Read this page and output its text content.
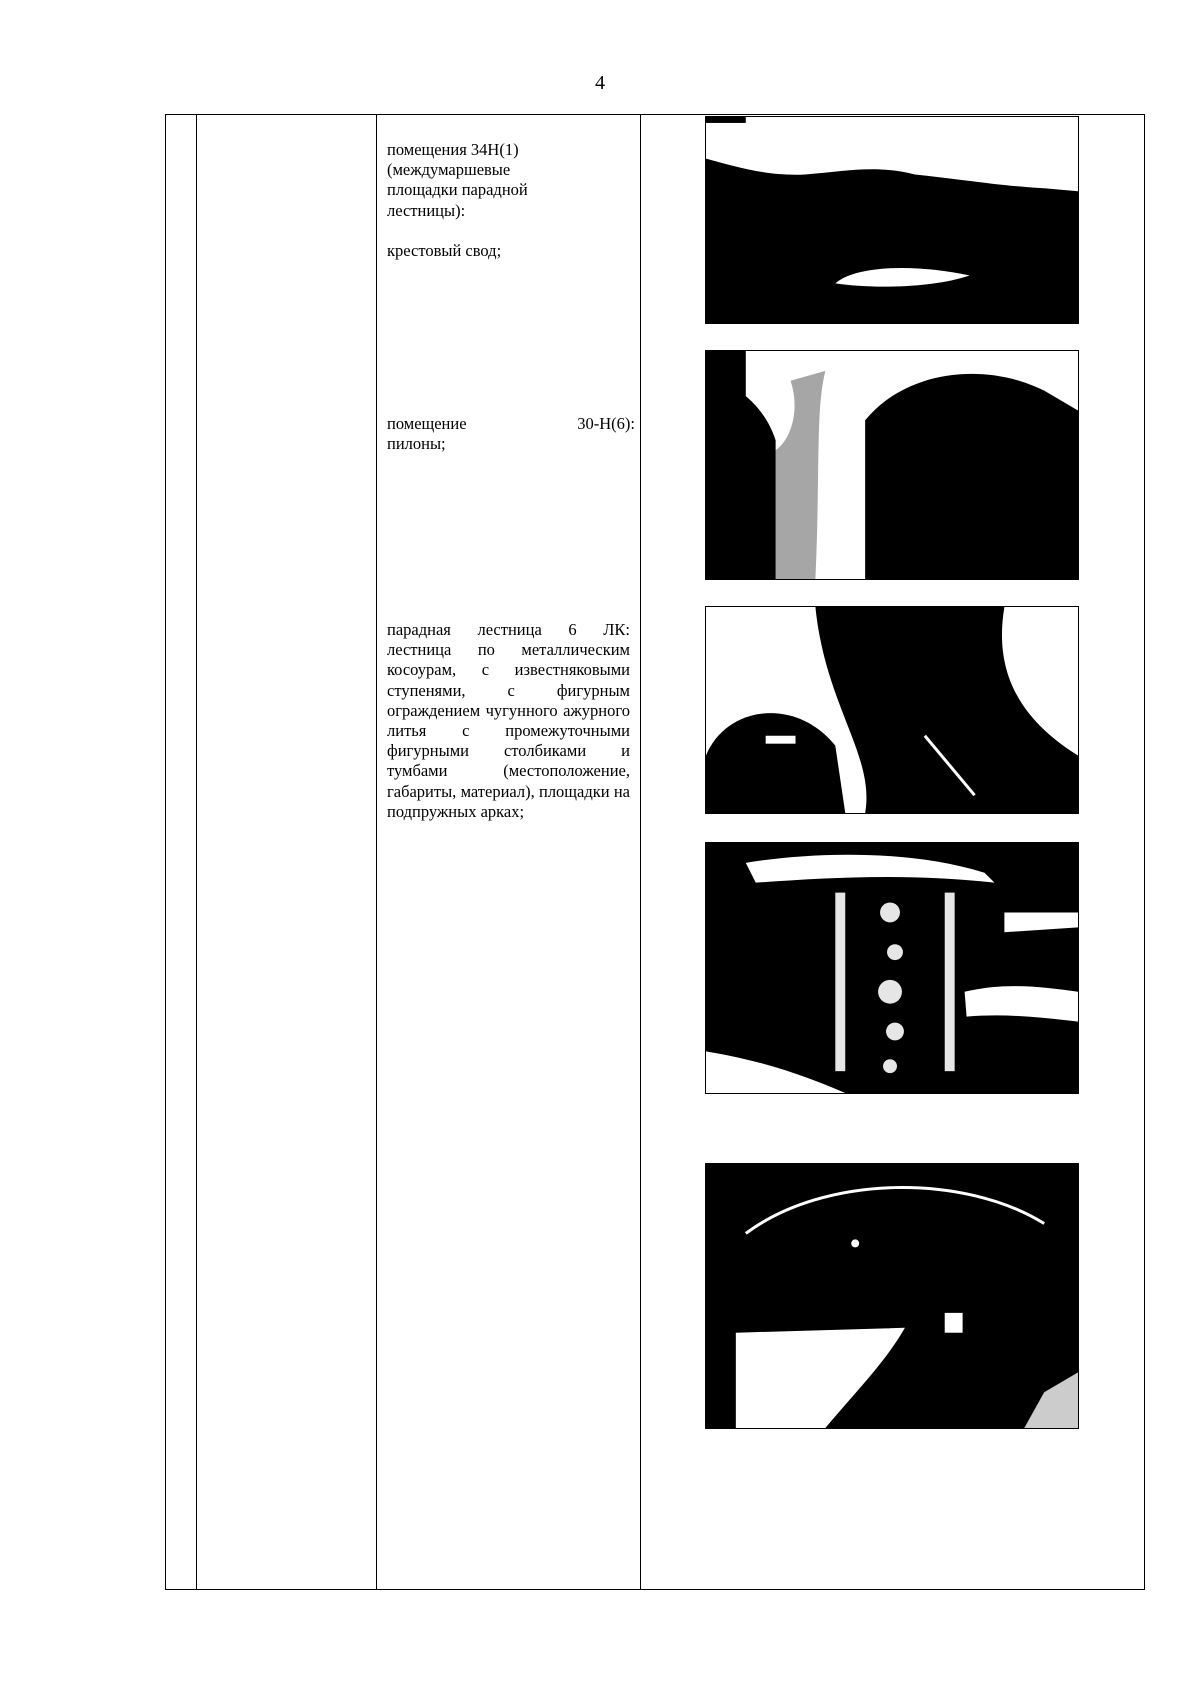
4

помещения 34Н(1)

(междумаршевые

площадки парадной

лестницы):

крестовый свод;

помещение	30-Н(6):

пилоны;

парадная лестница 6 ЛК: лестница по металлическим косоурам, с известняковыми ступенями, с фигурным ограждением чугунного ажурного литья с промежуточными фигурными столбиками и тумбами (местоположение, габариты, материал), площадки на подпружных арках;
